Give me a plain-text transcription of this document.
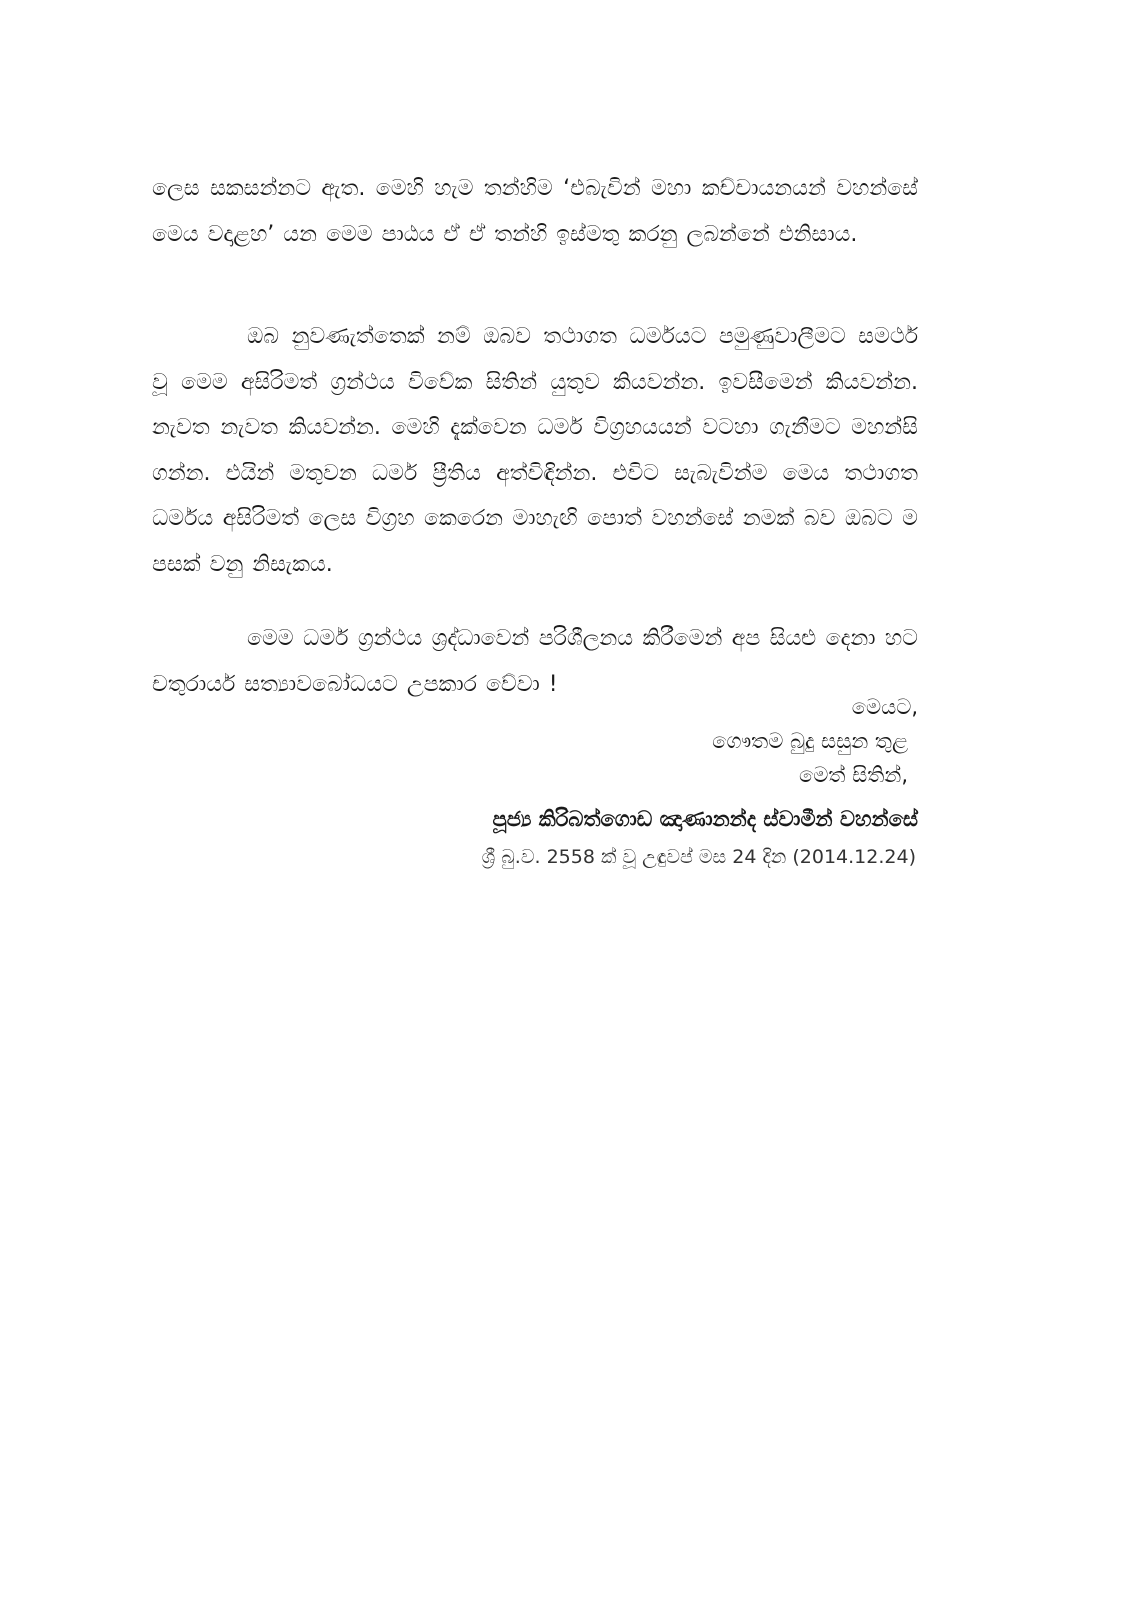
ලෙස සකසන්නට ඇත. මෙහි හැම තන්හිම ‘එබැවින් මහා කච්චායනයන් වහන්සේ මෙය වදාළහ’ යන මෙම පාඨය ඒ ඒ තන්හි ඉස්මතු කරනු ලබන්නේ එනිසාය.

ඔබ නුවණැත්තෙක් නම් ඔබව තථාගත ධර්මයට පමුණුවාලීමට සමර්ථ වූ මෙම අසිරිමත් ග්‍රන්ථය විවේක සිතින් යුතුව කියවන්න. ඉවසීමෙන් කියවන්න. නැවත නැවත කියවන්න. මෙහි දැක්වෙන ධර්ම විග්‍රහයයන් වටහා ගැනීමට මහන්සි ගන්න. එයින් මතුවන ධර්ම ප්‍රීතිය අත්විඳින්න. එවිට සැබැවින්ම මෙය තථාගත ධර්මය අසිරිමත් ලෙස විග්‍රහ කෙරෙන මාහැඟි පොත් වහන්සේ නමක් බව ඔබට ම පසක් වනු නිසැකය.

මෙම ධර්ම ග්‍රන්ථය ශ්‍රද්ධාවෙන් පරිශීලනය කිරීමෙන් අප සියළු දෙනා හට චතුරාර්ය සත්‍යාවබෝධයට උපකාර වේවා !

මෙයට,
ගෞතම බුදු සසුන තුළ
මෙත් සිතින්,
පූජ්‍ය කිරිබත්ගොඩ ඤාණානන්ද ස්වාමීන් වහන්සේ
ශ්‍රී බු.ව. 2558 ක් වූ උඳුවප් මස 24 දින (2014.12.24)
